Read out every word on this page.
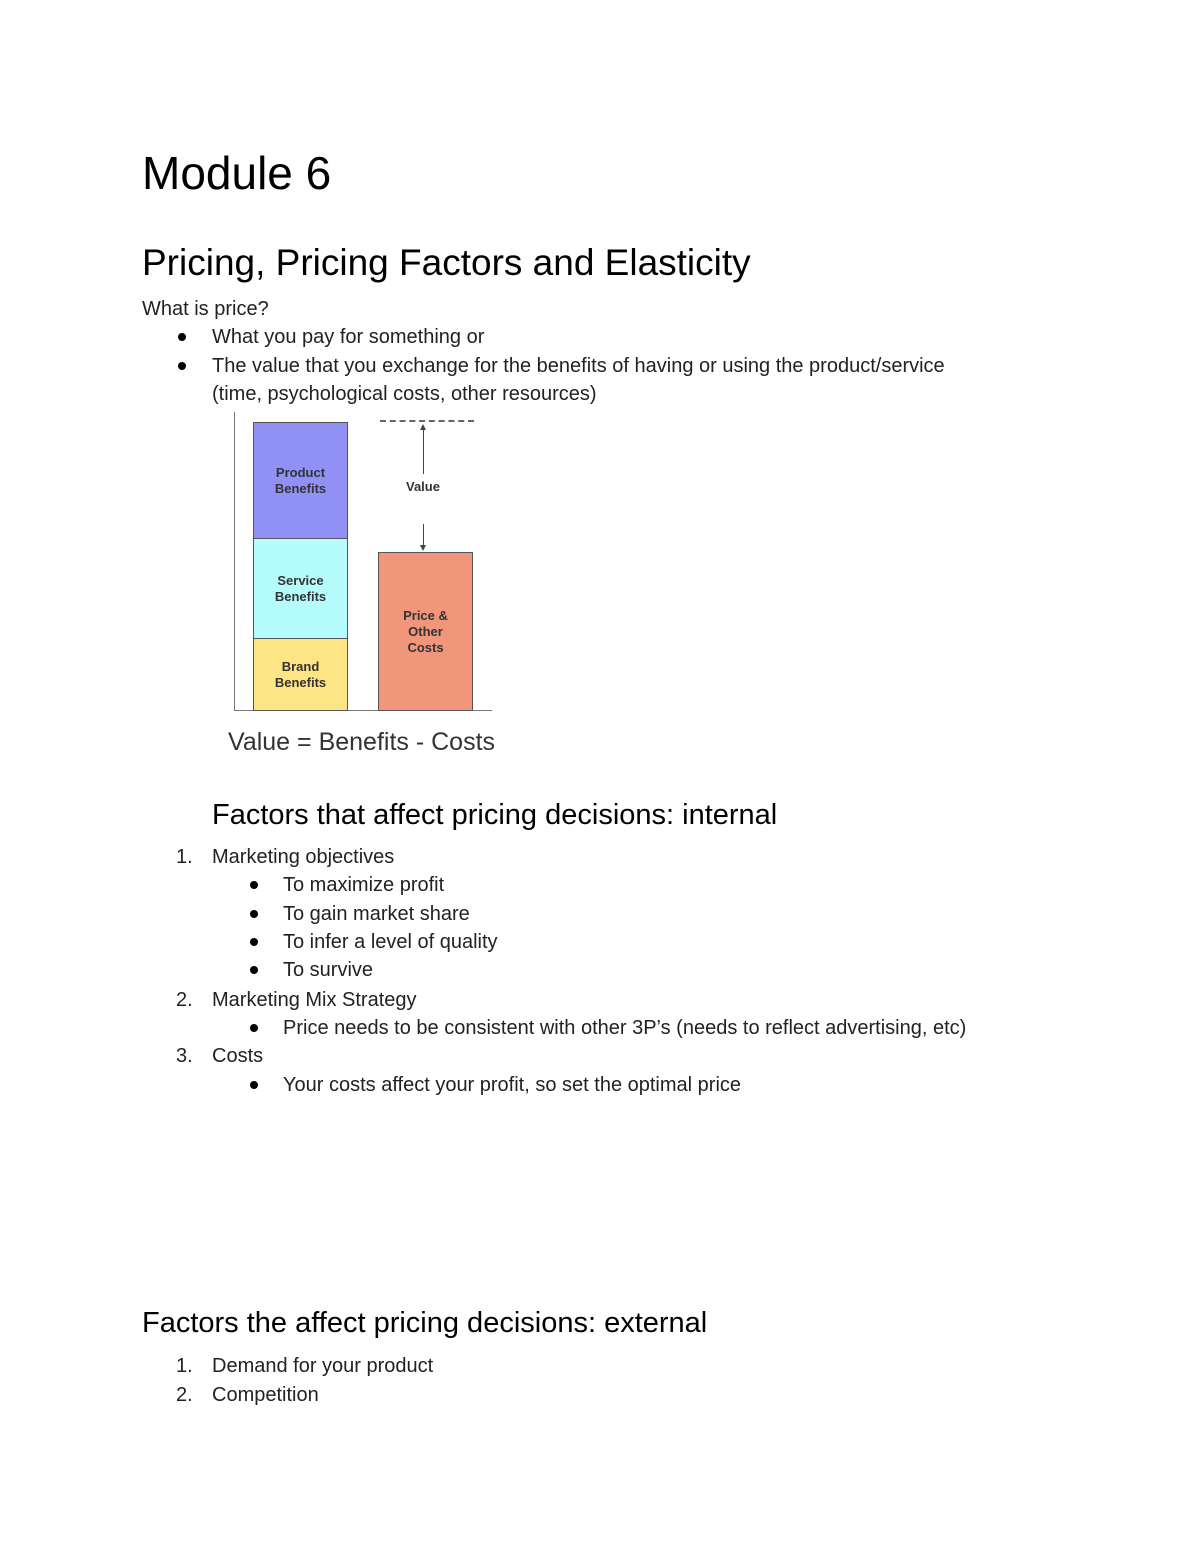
Module 6
Pricing, Pricing Factors and Elasticity
What is price?
What you pay for something or
The value that you exchange for the benefits of having or using the product/service
(time, psychological costs, other resources)
Product
Benefits
Service
Benefits
Brand
Benefits
Price &
Other
Costs
Value
Value = Benefits - Costs
Factors that affect pricing decisions: internal
1. Marketing objectives
To maximize profit
To gain market share
To infer a level of quality
To survive
2. Marketing Mix Strategy
Price needs to be consistent with other 3P’s (needs to reflect advertising, etc)
3. Costs
Your costs affect your profit, so set the optimal price
Factors the affect pricing decisions: external
1. Demand for your product
2. Competition
